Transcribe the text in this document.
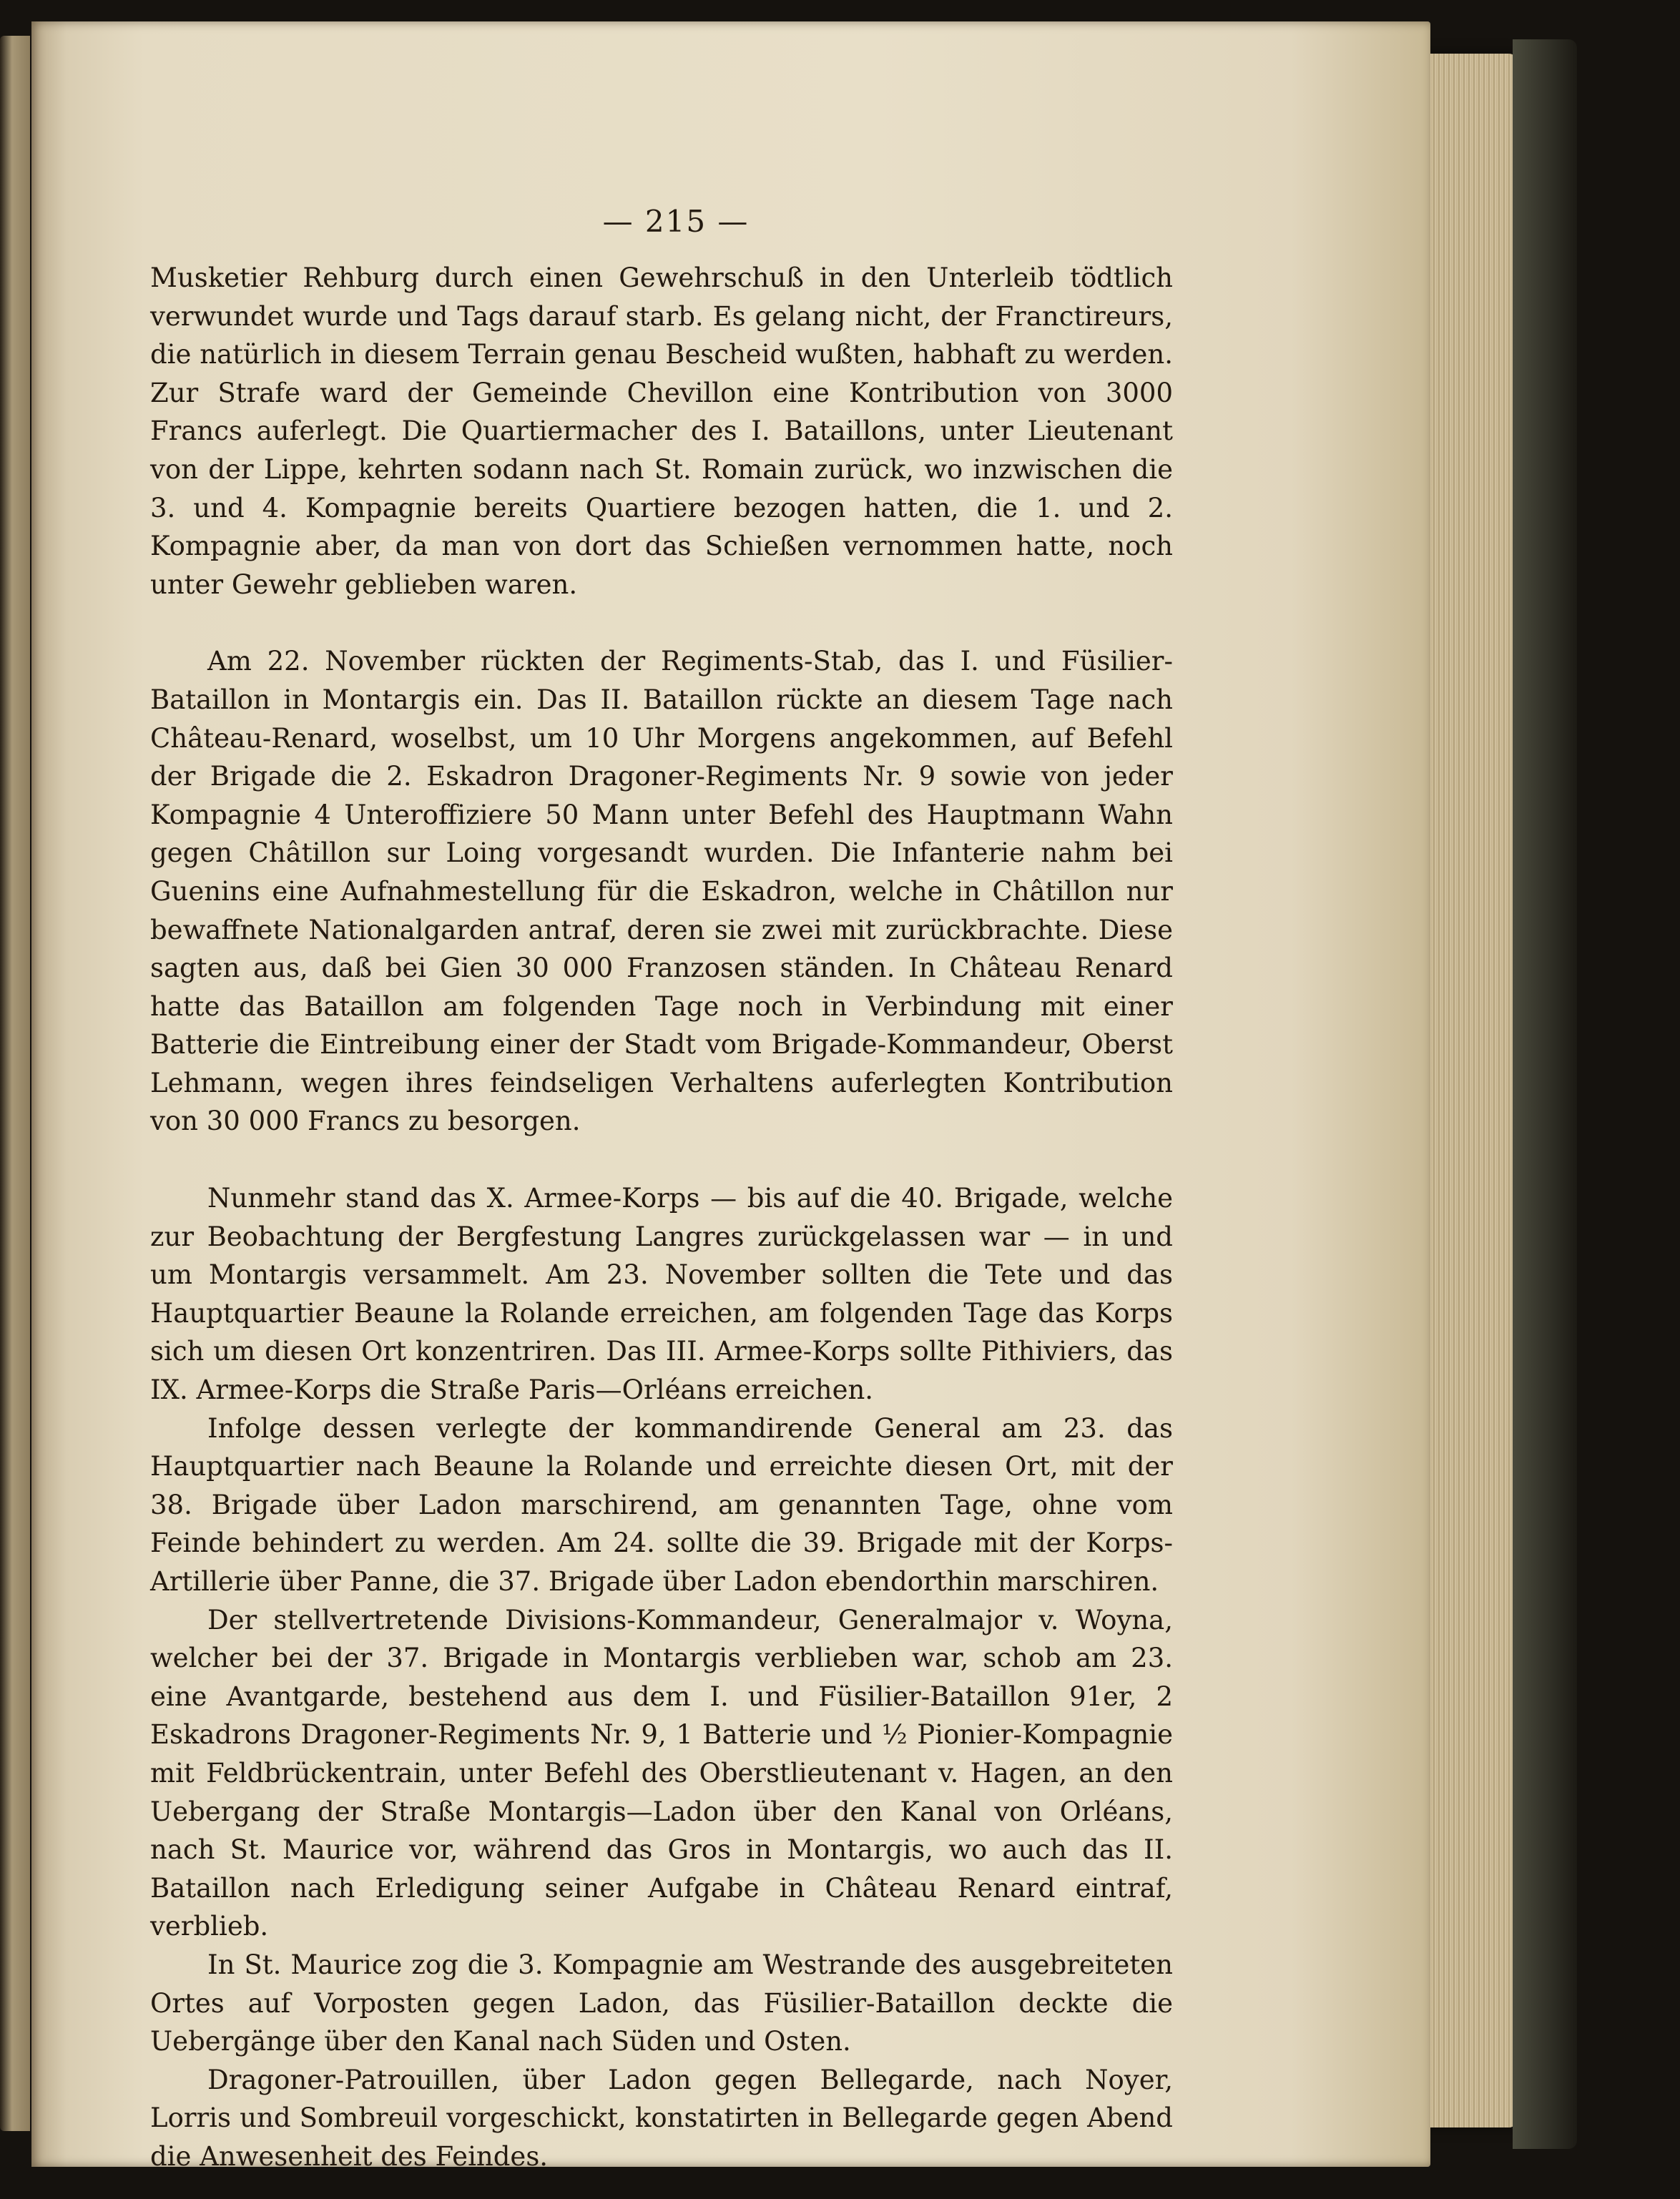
— 215 —

Musketier Rehburg durch einen Gewehrschuß in den Unterleib tödtlich verwundet wurde und Tags darauf starb. Es gelang nicht, der Franctireurs, die natürlich in diesem Terrain genau Bescheid wußten, habhaft zu werden. Zur Strafe ward der Gemeinde Chevillon eine Kontribution von 3000 Francs auferlegt. Die Quartiermacher des I. Bataillons, unter Lieutenant von der Lippe, kehrten sodann nach St. Romain zurück, wo inzwischen die 3. und 4. Kompagnie bereits Quartiere bezogen hatten, die 1. und 2. Kompagnie aber, da man von dort das Schießen vernommen hatte, noch unter Gewehr geblieben waren.

Am 22. November rückten der Regiments-Stab, das I. und Füsilier-Bataillon in Montargis ein. Das II. Bataillon rückte an diesem Tage nach Château-Renard, woselbst, um 10 Uhr Morgens angekommen, auf Befehl der Brigade die 2. Eskadron Dragoner-Regiments Nr. 9 sowie von jeder Kompagnie 4 Unteroffiziere 50 Mann unter Befehl des Hauptmann Wahn gegen Châtillon sur Loing vorgesandt wurden. Die Infanterie nahm bei Guenins eine Aufnahmestellung für die Eskadron, welche in Châtillon nur bewaffnete Nationalgarden antraf, deren sie zwei mit zurückbrachte. Diese sagten aus, daß bei Gien 30 000 Franzosen ständen. In Château Renard hatte das Bataillon am folgenden Tage noch in Verbindung mit einer Batterie die Eintreibung einer der Stadt vom Brigade-Kommandeur, Oberst Lehmann, wegen ihres feindseligen Verhaltens auferlegten Kontribution von 30 000 Francs zu besorgen.

Nunmehr stand das X. Armee-Korps — bis auf die 40. Brigade, welche zur Beobachtung der Bergfestung Langres zurückgelassen war — in und um Montargis versammelt. Am 23. November sollten die Tete und das Hauptquartier Beaune la Rolande erreichen, am folgenden Tage das Korps sich um diesen Ort konzentriren. Das III. Armee-Korps sollte Pithiviers, das IX. Armee-Korps die Straße Paris—Orléans erreichen.

Infolge dessen verlegte der kommandirende General am 23. das Hauptquartier nach Beaune la Rolande und erreichte diesen Ort, mit der 38. Brigade über Ladon marschirend, am genannten Tage, ohne vom Feinde behindert zu werden. Am 24. sollte die 39. Brigade mit der Korps-Artillerie über Panne, die 37. Brigade über Ladon ebendorthin marschiren.

Der stellvertretende Divisions-Kommandeur, Generalmajor v. Woyna, welcher bei der 37. Brigade in Montargis verblieben war, schob am 23. eine Avantgarde, bestehend aus dem I. und Füsilier-Bataillon 91er, 2 Eskadrons Dragoner-Regiments Nr. 9, 1 Batterie und ½ Pionier-Kompagnie mit Feldbrückentrain, unter Befehl des Oberstlieutenant v. Hagen, an den Uebergang der Straße Montargis—Ladon über den Kanal von Orléans, nach St. Maurice vor, während das Gros in Montargis, wo auch das II. Bataillon nach Erledigung seiner Aufgabe in Château Renard eintraf, verblieb.

In St. Maurice zog die 3. Kompagnie am Westrande des ausgebreiteten Ortes auf Vorposten gegen Ladon, das Füsilier-Bataillon deckte die Uebergänge über den Kanal nach Süden und Osten.

Dragoner-Patrouillen, über Ladon gegen Bellegarde, nach Noyer, Lorris und Sombreuil vorgeschickt, konstatirten in Bellegarde gegen Abend die Anwesenheit des Feindes.
